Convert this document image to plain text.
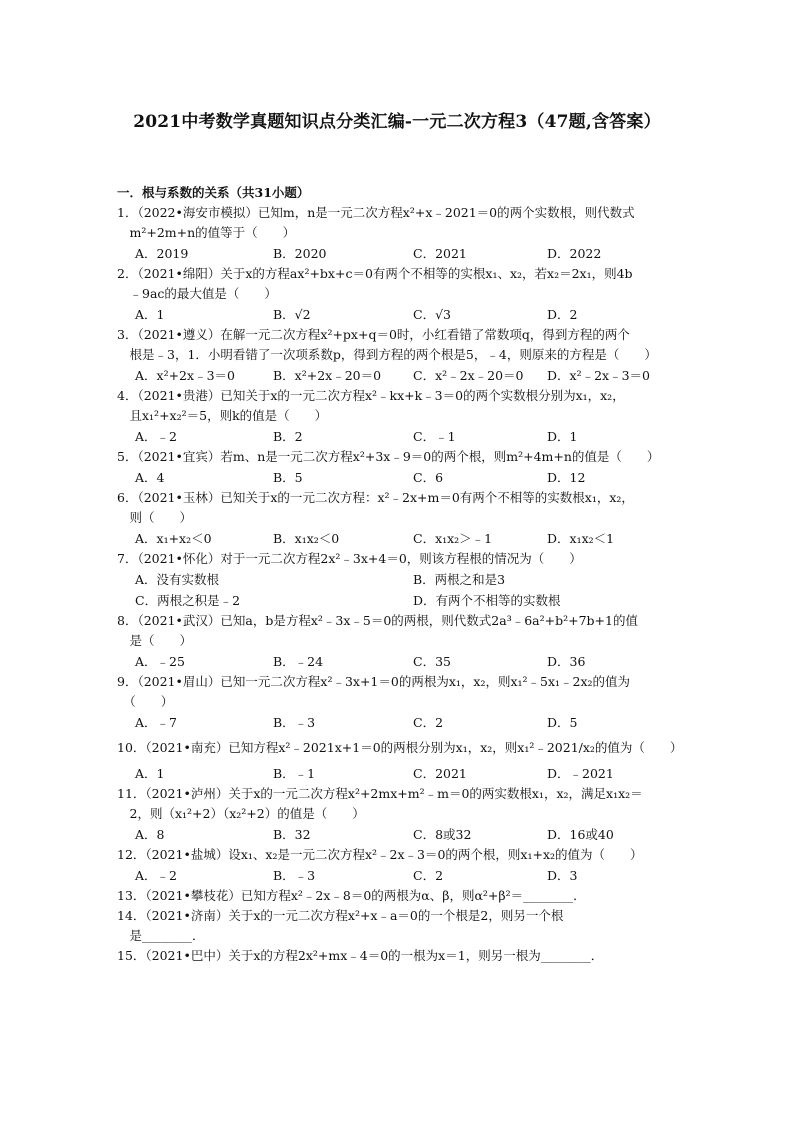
2021中考数学真题知识点分类汇编-一元二次方程3（47题,含答案）
一．根与系数的关系（共31小题）
1．（2022•海安市模拟）已知m，n是一元二次方程x²+x﹣2021＝0的两个实数根，则代数式
　m²+2m+n的值等于（　　）
A．2019	B．2020	C．2021	D．2022
2．（2021•绵阳）关于x的方程ax²+bx+c＝0有两个不相等的实根x₁、x₂，若x₂＝2x₁，则4b
　﹣9ac的最大值是（　　）
A．1	B．√2	C．√3	D．2
3．（2021•遵义）在解一元二次方程x²+px+q＝0时，小红看错了常数项q，得到方程的两个
　根是﹣3，1．小明看错了一次项系数p，得到方程的两个根是5，﹣4，则原来的方程是（　　）
A．x²+2x﹣3＝0	B．x²+2x﹣20＝0	C．x²﹣2x﹣20＝0 D．x²﹣2x﹣3＝0
4．（2021•贵港）已知关于x的一元二次方程x²﹣kx+k﹣3＝0的两个实数根分别为x₁，x₂，
　且x₁²+x₂²＝5，则k的值是（　　）
A．﹣2	B．2	C．﹣1	D．1
5．（2021•宜宾）若m、n是一元二次方程x²+3x﹣9＝0的两个根，则m²+4m+n的值是（　　）
A．4	B．5	C．6	D．12
6．（2021•玉林）已知关于x的一元二次方程：x²﹣2x+m＝0有两个不相等的实数根x₁，x₂，
　则（　　）
A．x₁+x₂＜0	B．x₁x₂＜0	C．x₁x₂＞﹣1	D．x₁x₂＜1
7．（2021•怀化）对于一元二次方程2x²﹣3x+4＝0，则该方程根的情况为（　　）
A．没有实数根	B．两根之和是3
C．两根之积是﹣2	D．有两个不相等的实数根
8．（2021•武汉）已知a，b是方程x²﹣3x﹣5＝0的两根，则代数式2a³﹣6a²+b²+7b+1的值
　是（　　）
A．﹣25	B．﹣24	C．35	D．36
9．（2021•眉山）已知一元二次方程x²﹣3x+1＝0的两根为x₁，x₂，则x₁²﹣5x₁﹣2x₂的值为
　（　　）
A．﹣7	B．﹣3	C．2	D．5
10．（2021•南充）已知方程x²﹣2021x+1＝0的两根分别为x₁，x₂，则x₁²﹣2021/x₂的值为（　　）
A．1	B．﹣1	C．2021	D．﹣2021
11．（2021•泸州）关于x的一元二次方程x²+2mx+m²﹣m＝0的两实数根x₁，x₂，满足x₁x₂＝
　2，则（x₁²+2）（x₂²+2）的值是（　　）
A．8	B．32	C．8或32	D．16或40
12．（2021•盐城）设x₁、x₂是一元二次方程x²﹣2x﹣3＝0的两个根，则x₁+x₂的值为（　　）
A．﹣2	B．﹣3	C．2	D．3
13．（2021•攀枝花）已知方程x²﹣2x﹣8＝0的两根为α、β，则α²+β²＝________．
14．（2021•济南）关于x的一元二次方程x²+x﹣a＝0的一个根是2，则另一个根
　是________．
15．（2021•巴中）关于x的方程2x²+mx﹣4＝0的一根为x＝1，则另一根为________．
